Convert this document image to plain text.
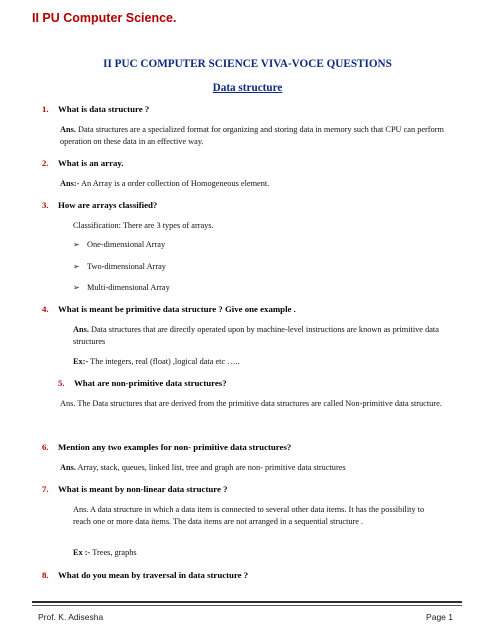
II PU Computer Science.
II PUC COMPUTER SCIENCE VIVA-VOCE QUESTIONS
Data structure
1. What is data structure ?
Ans. Data structures are a specialized format for organizing and storing data in memory such that CPU can perform operation on these data in an effective way.
2. What is an array.
Ans:- An Array is a order collection of Homogeneous element.
3. How are arrays classified?
Classification: There are 3 types of arrays.
➢ One-dimensional Array
➢ Two-dimensional Array
➢ Multi-dimensional Array
4. What is meant be primitive data structure ? Give one example .
Ans. Data structures that are directly operated upon by machine-level instructions are known as primitive data structures
Ex:- The integers, real (float) ,logical data etc …..
5. What are non-primitive data structures?
Ans. The Data structures that are derived from the primitive data structures are called Non-primitive data structure.
6. Mention any two examples for non- primitive data structures?
Ans. Array, stack, queues, linked list, tree and graph are non- primitive data structures
7. What is meant by non-linear data structure ?
Ans. A data structure in which a data item is connected to several other data items. It has the possibility to reach one or more data items. The data items are not arranged in a sequential structure .
Ex :- Trees, graphs
8. What do you mean by traversal in data structure ?
Prof. K. Adisesha	Page 1
